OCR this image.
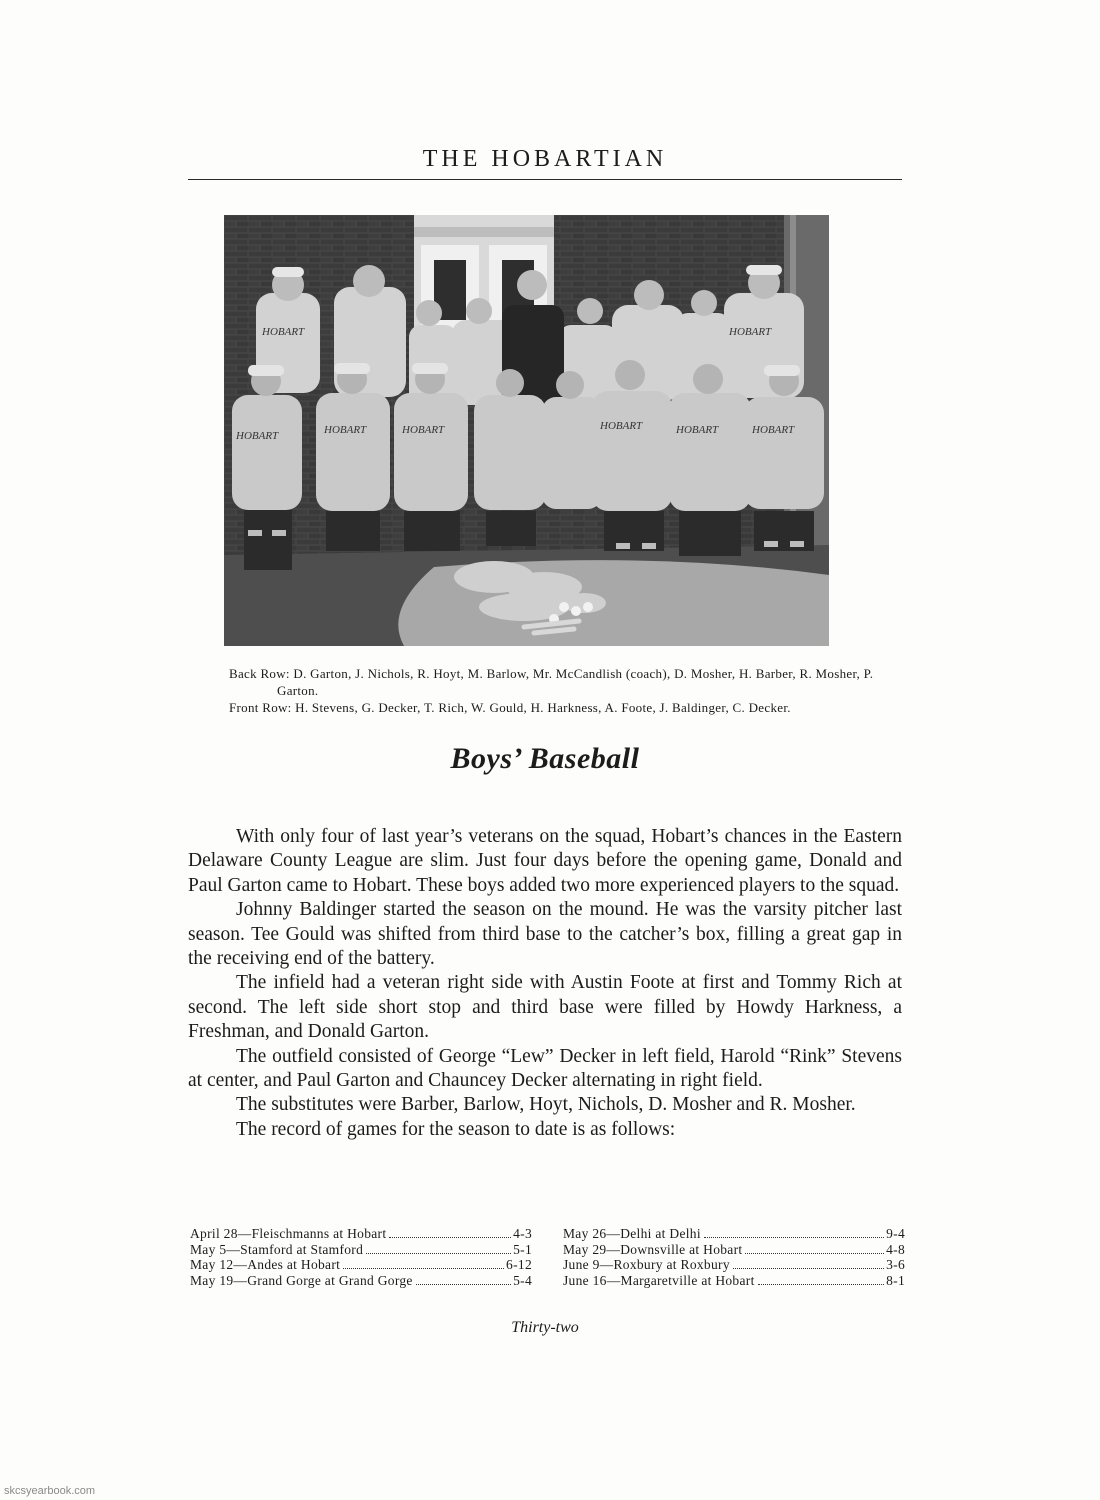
THE HOBARTIAN
HOBART	HOBART
HOBART	HOBART	HOBART	HOBART	HOBART	HOBART

Back Row: D. Garton, J. Nichols, R. Hoyt, M. Barlow, Mr. McCandlish (coach), D. Mosher, H. Barber, R. Mosher, P. Garton.

Front Row: H. Stevens, G. Decker, T. Rich, W. Gould, H. Harkness, A. Foote, J. Baldinger, C. Decker.

Boys’ Baseball

With only four of last year’s veterans on the squad, Hobart’s chances in the Eastern Delaware County League are slim. Just four days before the opening game, Donald and Paul Garton came to Hobart. These boys added two more experienced players to the squad.

Johnny Baldinger started the season on the mound. He was the varsity pitcher last season. Tee Gould was shifted from third base to the catcher’s box, filling a great gap in the receiving end of the battery.

The infield had a veteran right side with Austin Foote at first and Tommy Rich at second. The left side short stop and third base were filled by Howdy Harkness, a Freshman, and Donald Garton.

The outfield consisted of George “Lew” Decker in left field, Harold “Rink” Stevens at center, and Paul Garton and Chauncey Decker alternating in right field.

The substitutes were Barber, Barlow, Hoyt, Nichols, D. Mosher and R. Mosher.

The record of games for the season to date is as follows:

April 28—Fleischmanns at Hobart	4-3
May 5—Stamford at Stamford	5-1
May 12—Andes at Hobart	6-12
May 19—Grand Gorge at Grand Gorge	5-4
May 26—Delhi at Delhi	9-4
May 29—Downsville at Hobart	4-8
June 9—Roxbury at Roxbury	3-6
June 16—Margaretville at Hobart	8-1
Thirty-two
skcsyearbook.com
